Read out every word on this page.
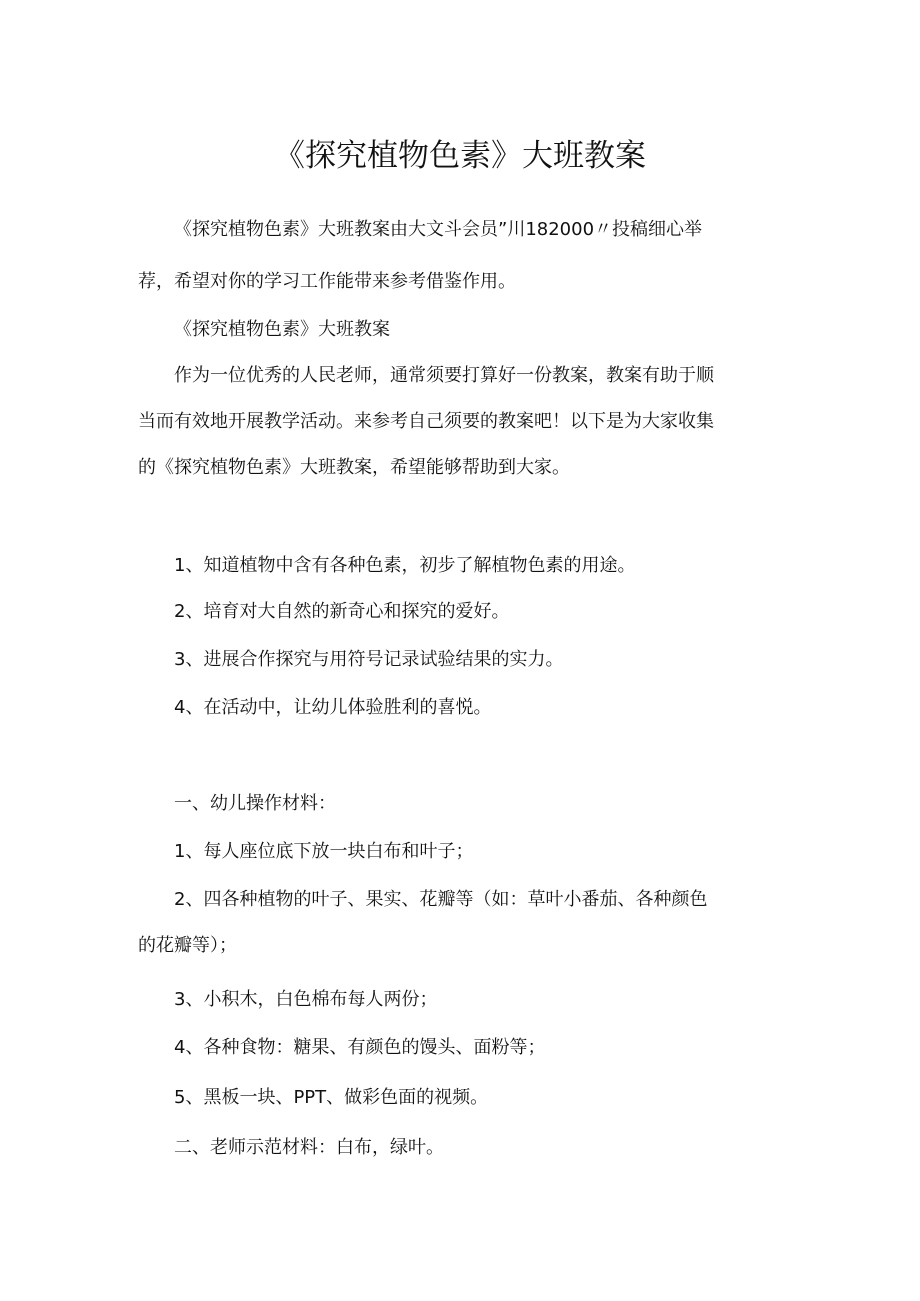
《探究植物色素》大班教案
《探究植物色素》大班教案由大文斗会员”川182000〃投稿细心举
荐，希望对你的学习工作能带来参考借鉴作用。
《探究植物色素》大班教案
作为一位优秀的人民老师，通常须要打算好一份教案，教案有助于顺
当而有效地开展教学活动。来参考自己须要的教案吧！以下是为大家收集
的《探究植物色素》大班教案，希望能够帮助到大家。
1、知道植物中含有各种色素，初步了解植物色素的用途。
2、培育对大自然的新奇心和探究的爱好。
3、进展合作探究与用符号记录试验结果的实力。
4、在活动中，让幼儿体验胜利的喜悦。
一、幼儿操作材料：
1、每人座位底下放一块白布和叶子；
2、四各种植物的叶子、果实、花瓣等（如：草叶小番茄、各种颜色
的花瓣等）；
3、小积木，白色棉布每人两份；
4、各种食物：糖果、有颜色的馒头、面粉等；
5、黑板一块、PPT、做彩色面的视频。
二、老师示范材料：白布，绿叶。
